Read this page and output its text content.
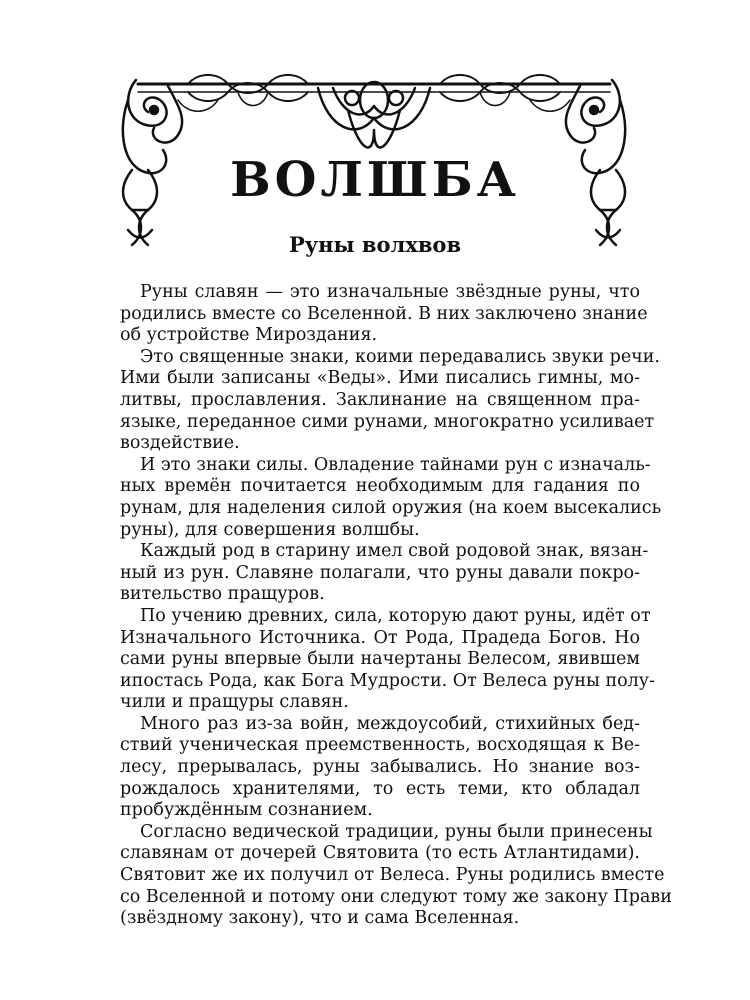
ВОЛШБА
Руны волхвов
Руны славян — это изначальные звёздные руны, что
родились вместе со Вселенной. В них заключено знание
об устройстве Мироздания.
Это священные знаки, коими передавались звуки речи.
Ими были записаны «Веды». Ими писались гимны, мо-
литвы, прославления. Заклинание на священном пра-
языке, переданное сими рунами, многократно усиливает
воздействие.
И это знаки силы. Овладение тайнами рун с изначаль-
ных времён почитается необходимым для гадания по
рунам, для наделения силой оружия (на коем высекались
руны), для совершения волшбы.
Каждый род в старину имел свой родовой знак, вязан-
ный из рун. Славяне полагали, что руны давали покро-
вительство пращуров.
По учению древних, сила, которую дают руны, идёт от
Изначального Источника. От Рода, Прадеда Богов. Но
сами руны впервые были начертаны Велесом, явившем
ипостась Рода, как Бога Мудрости. От Велеса руны полу-
чили и пращуры славян.
Много раз из-за войн, междоусобий, стихийных бед-
ствий ученическая преемственность, восходящая к Ве-
лесу, прерывалась, руны забывались. Но знание воз-
рождалось хранителями, то есть теми, кто обладал
пробуждённым сознанием.
Согласно ведической традиции, руны были принесены
славянам от дочерей Святовита (то есть Атлантидами).
Святовит же их получил от Велеса. Руны родились вместе
со Вселенной и потому они следуют тому же закону Прави
(звёздному закону), что и сама Вселенная.
